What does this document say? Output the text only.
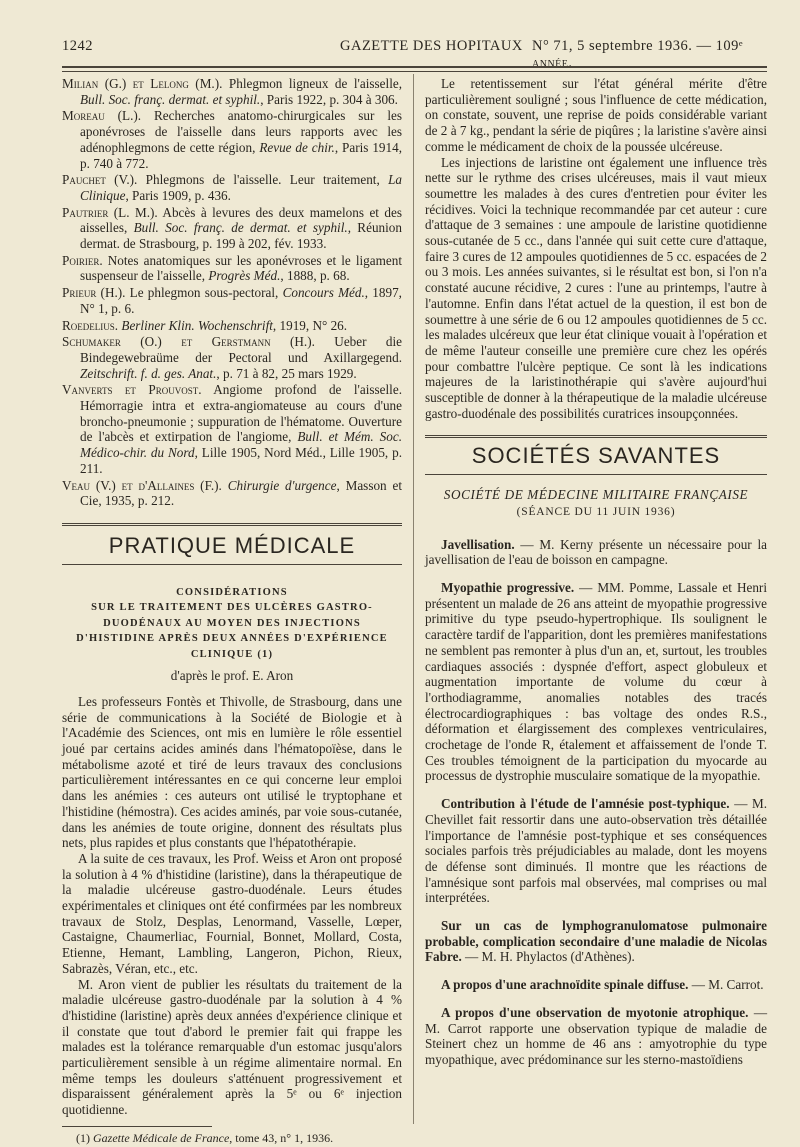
1242	GAZETTE DES HOPITAUX N° 71, 5 septembre 1936. — 109ᵉ année.
Milian (G.) et Lelong (M.). Phlegmon ligneux de l'aisselle, Bull. Soc. franç. dermat. et syphil., Paris 1922, p. 304 à 306.
Moreau (L.). Recherches anatomo-chirurgicales sur les aponévroses de l'aisselle dans leurs rapports avec les adénophlegmons de cette région, Revue de chir., Paris 1914, p. 740 à 772.
Pauchet (V.). Phlegmons de l'aisselle. Leur traitement, La Clinique, Paris 1909, p. 436.
Pautrier (L. M.). Abcès à levures des deux mamelons et des aisselles, Bull. Soc. franç. de dermat. et syphil., Réunion dermat. de Strasbourg, p. 199 à 202, fév. 1933.
Poirier. Notes anatomiques sur les aponévroses et le ligament suspenseur de l'aisselle, Progrès Méd., 1888, p. 68.
Prieur (H.). Le phlegmon sous-pectoral, Concours Méd., 1897, N° 1, p. 6.
Roedelius. Berliner Klin. Wochenschrift, 1919, N° 26.
Schumaker (O.) et Gerstmann (H.). Ueber die Bindegewebraüme der Pectoral und Axillargegend. Zeitschrift. f. d. ges. Anat., p. 71 à 82, 25 mars 1929.
Vanverts et Prouvost. Angiome profond de l'aisselle. Hémorragie intra et extra-angiomateuse au cours d'une broncho-pneumonie ; suppuration de l'hématome. Ouverture de l'abcès et extirpation de l'angiome, Bull. et Mém. Soc. Médico-chir. du Nord, Lille 1905, Nord Méd., Lille 1905, p. 211.
Veau (V.) et d'Allaines (F.). Chirurgie d'urgence, Masson et Cie, 1935, p. 212.
PRATIQUE MÉDICALE
CONSIDÉRATIONS
SUR LE TRAITEMENT DES ULCÈRES GASTRO-DUODÉNAUX AU MOYEN DES INJECTIONS D'HISTIDINE APRÈS DEUX ANNÉES D'EXPÉRIENCE CLINIQUE (1)
d'après le prof. E. Aron

Les professeurs Fontès et Thivolle, de Strasbourg, dans une série de communications à la Société de Biologie et à l'Académie des Sciences, ont mis en lumière le rôle essentiel joué par certains acides aminés dans l'hématopoïèse, dans le métabolisme azoté et tiré de leurs travaux des conclusions particulièrement intéressantes en ce qui concerne leur emploi dans les anémies : ces auteurs ont utilisé le tryptophane et l'histidine (hémostra). Ces acides aminés, par voie sous-cutanée, dans les anémies de toute origine, donnent des résultats plus nets, plus rapides et plus constants que l'hépatothérapie.

A la suite de ces travaux, les Prof. Weiss et Aron ont proposé la solution à 4 % d'histidine (laristine), dans la thérapeutique de la maladie ulcéreuse gastro-duodénale. Leurs études expérimentales et cliniques ont été confirmées par les nombreux travaux de Stolz, Desplas, Lenormand, Vasselle, Lœper, Castaigne, Chaumerliac, Fournial, Bonnet, Mollard, Costa, Etienne, Hemant, Lambling, Langeron, Pichon, Rieux, Sabrazès, Véran, etc., etc.

M. Aron vient de publier les résultats du traitement de la maladie ulcéreuse gastro-duodénale par la solution à 4 % d'histidine (laristine) après deux années d'expérience clinique et il constate que tout d'abord le premier fait qui frappe les malades est la tolérance remarquable d'un estomac jusqu'alors particulièrement sensible à un régime alimentaire normal. En même temps les douleurs s'atténuent progressivement et disparaissent généralement après la 5ᵉ ou 6ᵉ injection quotidienne.

(1) Gazette Médicale de France, tome 43, n° 1, 1936.

Le retentissement sur l'état général mérite d'être particulièrement souligné ; sous l'influence de cette médication, on constate, souvent, une reprise de poids considérable variant de 2 à 7 kg., pendant la série de piqûres ; la laristine s'avère ainsi comme le médicament de choix de la poussée ulcéreuse.

Les injections de laristine ont également une influence très nette sur le rythme des crises ulcéreuses, mais il vaut mieux soumettre les malades à des cures d'entretien pour éviter les récidives. Voici la technique recommandée par cet auteur : cure d'attaque de 3 semaines : une ampoule de laristine quotidienne sous-cutanée de 5 cc., dans l'année qui suit cette cure d'attaque, faire 3 cures de 12 ampoules quotidiennes de 5 cc. espacées de 2 ou 3 mois. Les années suivantes, si le résultat est bon, si l'on n'a constaté aucune récidive, 2 cures : l'une au printemps, l'autre à l'automne. Enfin dans l'état actuel de la question, il est bon de soumettre à une série de 6 ou 12 ampoules quotidiennes de 5 cc. les malades ulcéreux que leur état clinique vouait à l'opération et de même l'auteur conseille une première cure chez les opérés pour combattre l'ulcère peptique. Ce sont là les indications majeures de la laristinothérapie qui s'avère aujourd'hui susceptible de donner à la thérapeutique de la maladie ulcéreuse gastro-duodénale des possibilités curatrices insoupçonnées.

SOCIÉTÉS SAVANTES
SOCIÉTÉ DE MÉDECINE MILITAIRE FRANÇAISE
(SÉANCE DU 11 JUIN 1936)

Javellisation. — M. Kerny présente un nécessaire pour la javellisation de l'eau de boisson en campagne.

Myopathie progressive. — MM. Pomme, Lassale et Henri présentent un malade de 26 ans atteint de myopathie progressive primitive du type pseudo-hypertrophique. Ils soulignent le caractère tardif de l'apparition, dont les premières manifestations ne semblent pas remonter à plus d'un an, et, surtout, les troubles cardiaques associés : dyspnée d'effort, aspect globuleux et augmentation importante de volume du cœur à l'orthodiagramme, anomalies notables des tracés électrocardiographiques : bas voltage des ondes R.S., déformation et élargissement des complexes ventriculaires, crochetage de l'onde R, étalement et affaissement de l'onde T. Ces troubles témoignent de la participation du myocarde au processus de dystrophie musculaire somatique de la myopathie.

Contribution à l'étude de l'amnésie post-typhique. — M. Chevillet fait ressortir dans une auto-observation très détaillée l'importance de l'amnésie post-typhique et ses conséquences sociales parfois très préjudiciables au malade, dont les moyens de défense sont diminués. Il montre que les réactions de l'amnésique sont parfois mal observées, mal comprises ou mal interprétées.

Sur un cas de lymphogranulomatose pulmonaire probable, complication secondaire d'une maladie de Nicolas Fabre. — M. H. Phylactos (d'Athènes).

A propos d'une arachnoïdite spinale diffuse. — M. Carrot.

A propos d'une observation de myotonie atrophique. — M. Carrot rapporte une observation typique de maladie de Steinert chez un homme de 46 ans : amyotrophie du type myopathique, avec prédominance sur les sterno-mastoïdiens
